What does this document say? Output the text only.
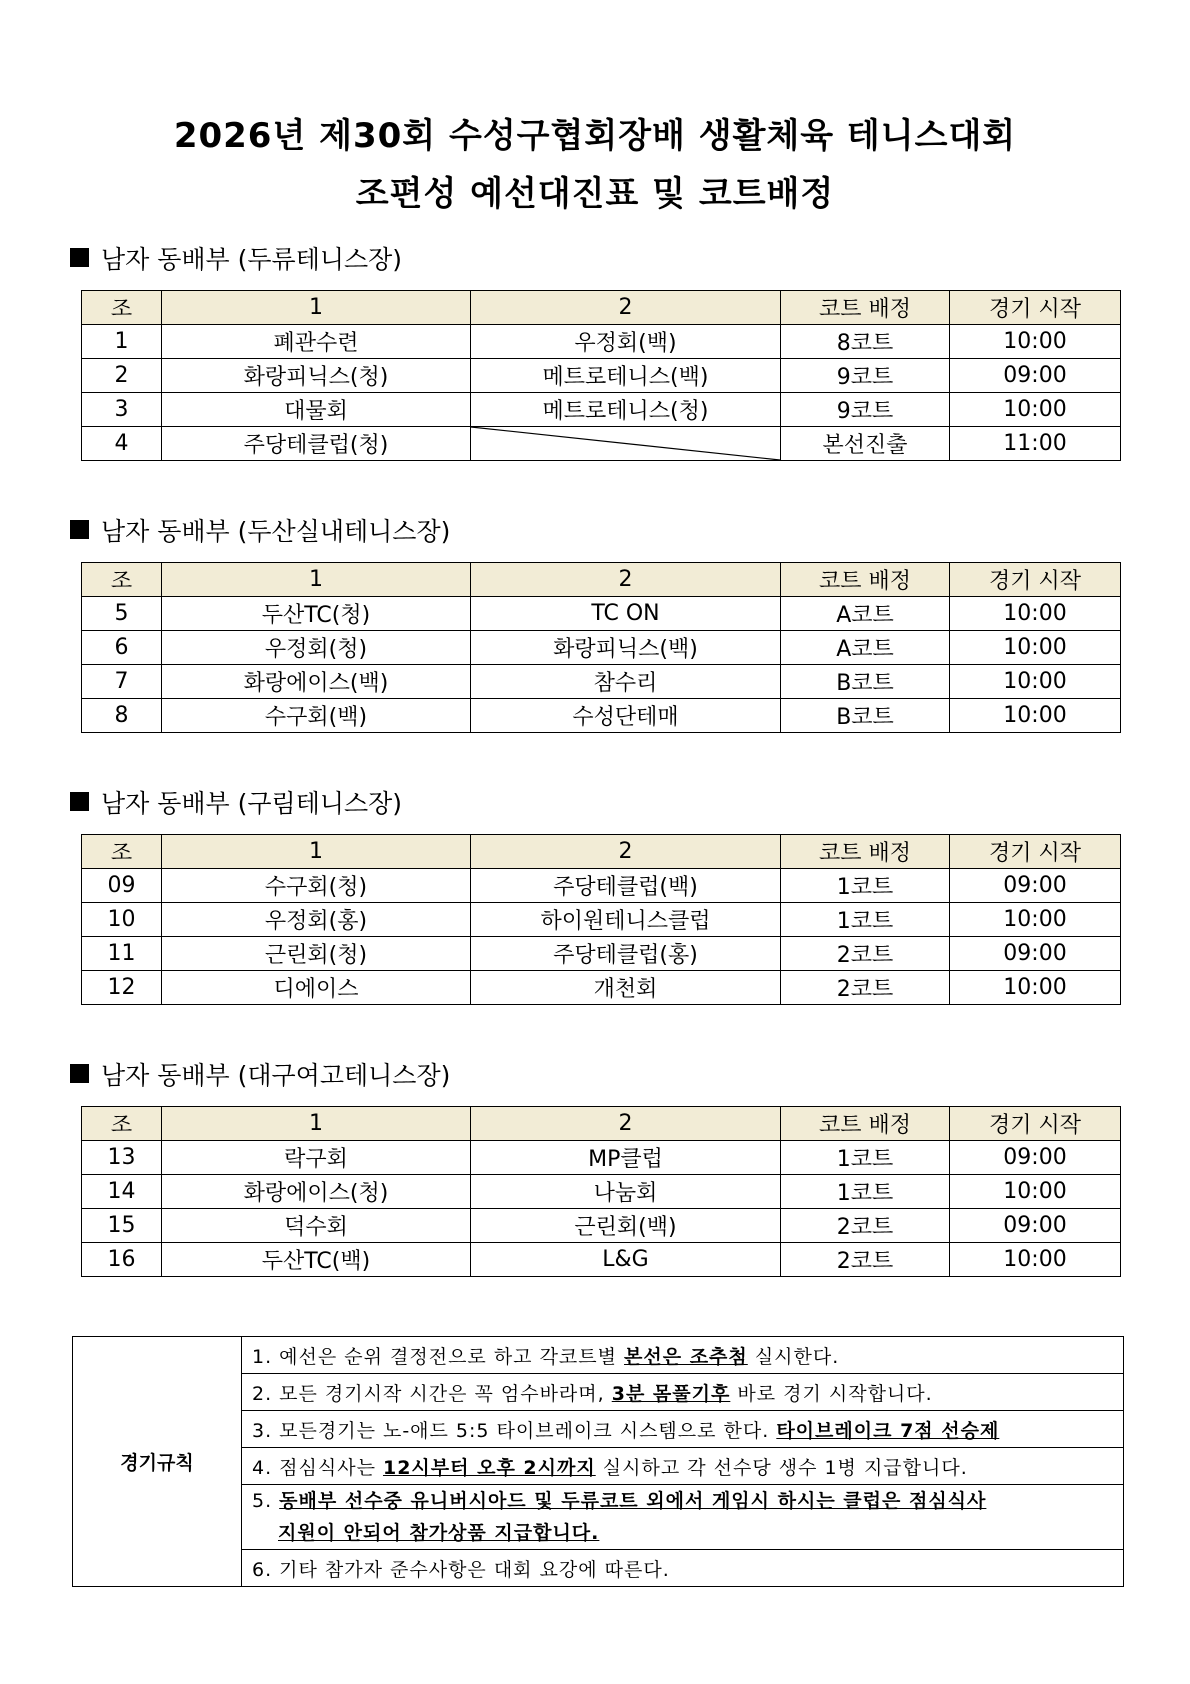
2026년 제30회 수성구협회장배 생활체육 테니스대회
조편성 예선대진표 및 코트배정
남자 동배부 (두류테니스장)
조	1	2	코트 배정	경기 시작
1	폐관수련	우정회(백)	8코트	10:00
2	화랑피닉스(청)	메트로테니스(백)	9코트	09:00
3	대물회	메트로테니스(청)	9코트	10:00
4	주당테클럽(청)		본선진출	11:00
남자 동배부 (두산실내테니스장)
조	1	2	코트 배정	경기 시작
5	두산TC(청)	TC ON	A코트	10:00
6	우정회(청)	화랑피닉스(백)	A코트	10:00
7	화랑에이스(백)	참수리	B코트	10:00
8	수구회(백)	수성단테매	B코트	10:00
남자 동배부 (구림테니스장)
조	1	2	코트 배정	경기 시작
09	수구회(청)	주당테클럽(백)	1코트	09:00
10	우정회(홍)	하이원테니스클럽	1코트	10:00
11	근린회(청)	주당테클럽(홍)	2코트	09:00
12	디에이스	개천회	2코트	10:00
남자 동배부 (대구여고테니스장)
조	1	2	코트 배정	경기 시작
13	락구회	MP클럽	1코트	09:00
14	화랑에이스(청)	나눔회	1코트	10:00
15	덕수회	근린회(백)	2코트	09:00
16	두산TC(백)	L&G	2코트	10:00
경기규칙	1. 예선은 순위 결정전으로 하고 각코트별 본선은 조추첨 실시한다.
2. 모든 경기시작 시간은 꼭 엄수바라며, 3분 몸풀기후 바로 경기 시작합니다.
3. 모든경기는 노-애드 5:5 타이브레이크 시스템으로 한다. 타이브레이크 7점 선승제
4. 점심식사는 12시부터 오후 2시까지 실시하고 각 선수당 생수 1병 지급합니다.

5. 동배부 선수중 유니버시아드 및 두류코트 외에서 게임시 하시는 클럽은 점심식사
지원이 안되어 참가상품 지급합니다.

6. 기타 참가자 준수사항은 대회 요강에 따른다.
